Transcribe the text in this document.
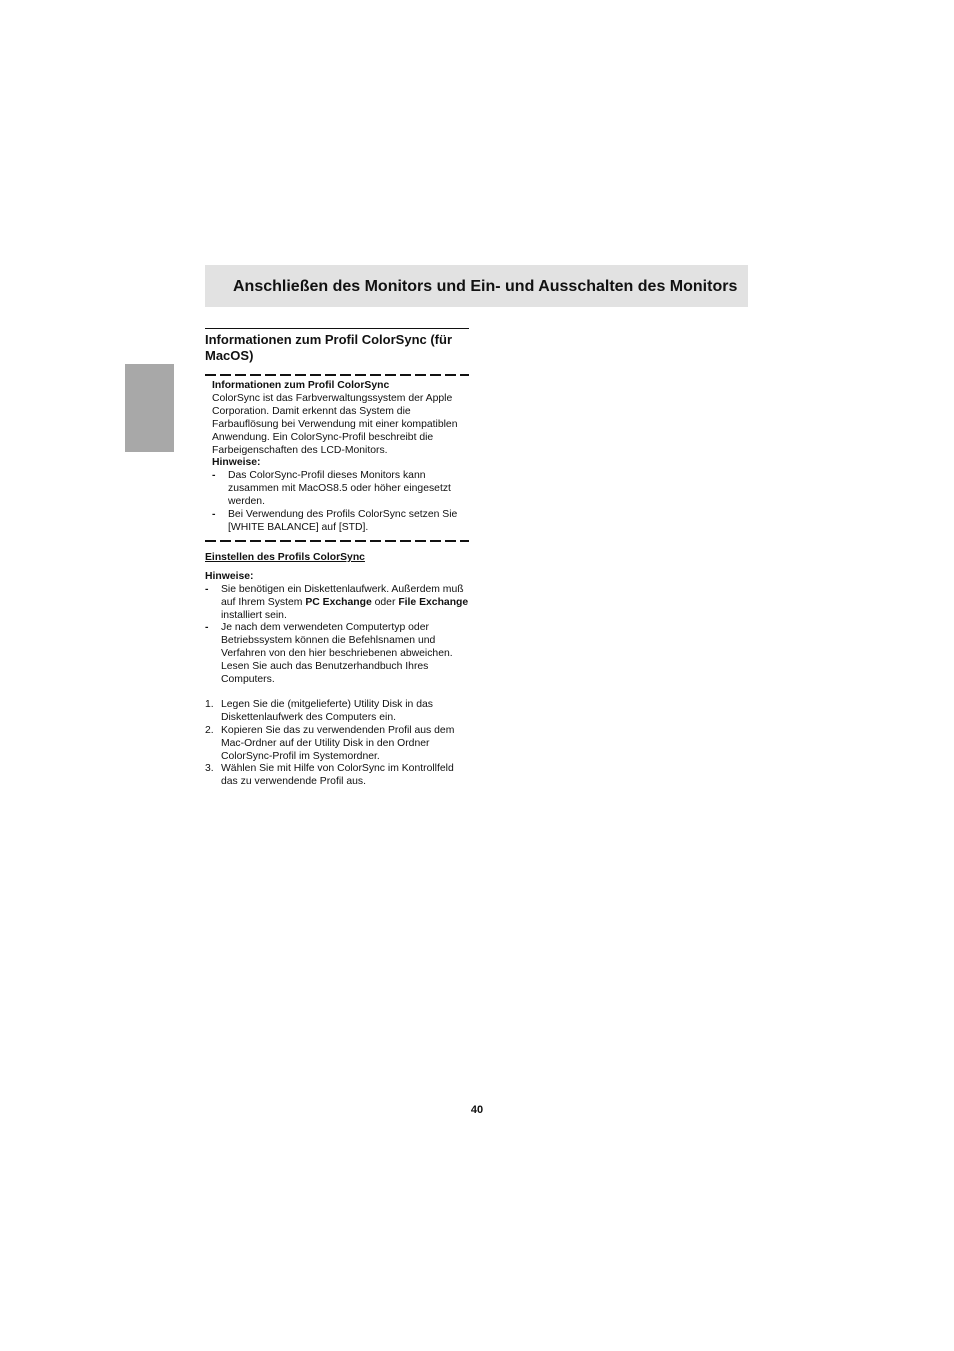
Anschließen des Monitors und Ein- und Ausschalten des Monitors
Informationen zum Profil ColorSync (für MacOS)

Informationen zum Profil ColorSync

ColorSync ist das Farbverwaltungssystem der Apple Corporation. Damit erkennt das System die Farbauflösung bei Verwendung mit einer kompatiblen Anwendung. Ein ColorSync-Profil beschreibt die Farbeigenschaften des LCD-Monitors.

Hinweise:

- Das ColorSync-Profil dieses Monitors kann zusammen mit MacOS8.5 oder höher eingesetzt werden.
- Bei Verwendung des Profils ColorSync setzen Sie [WHITE BALANCE] auf [STD].

Einstellen des Profils ColorSync

Hinweise:

- Sie benötigen ein Diskettenlaufwerk. Außerdem muß auf Ihrem System PC Exchange oder File Exchange installiert sein.
- Je nach dem verwendeten Computertyp oder Betriebssystem können die Befehlsnamen und Verfahren von den hier beschriebenen abweichen. Lesen Sie auch das Benutzerhandbuch Ihres Computers.
1. Legen Sie die (mitgelieferte) Utility Disk in das Diskettenlaufwerk des Computers ein.
2. Kopieren Sie das zu verwendenden Profil aus dem Mac-Ordner auf der Utility Disk in den Ordner ColorSync-Profil im Systemordner.
3. Wählen Sie mit Hilfe von ColorSync im Kontrollfeld das zu verwendende Profil aus.
40
